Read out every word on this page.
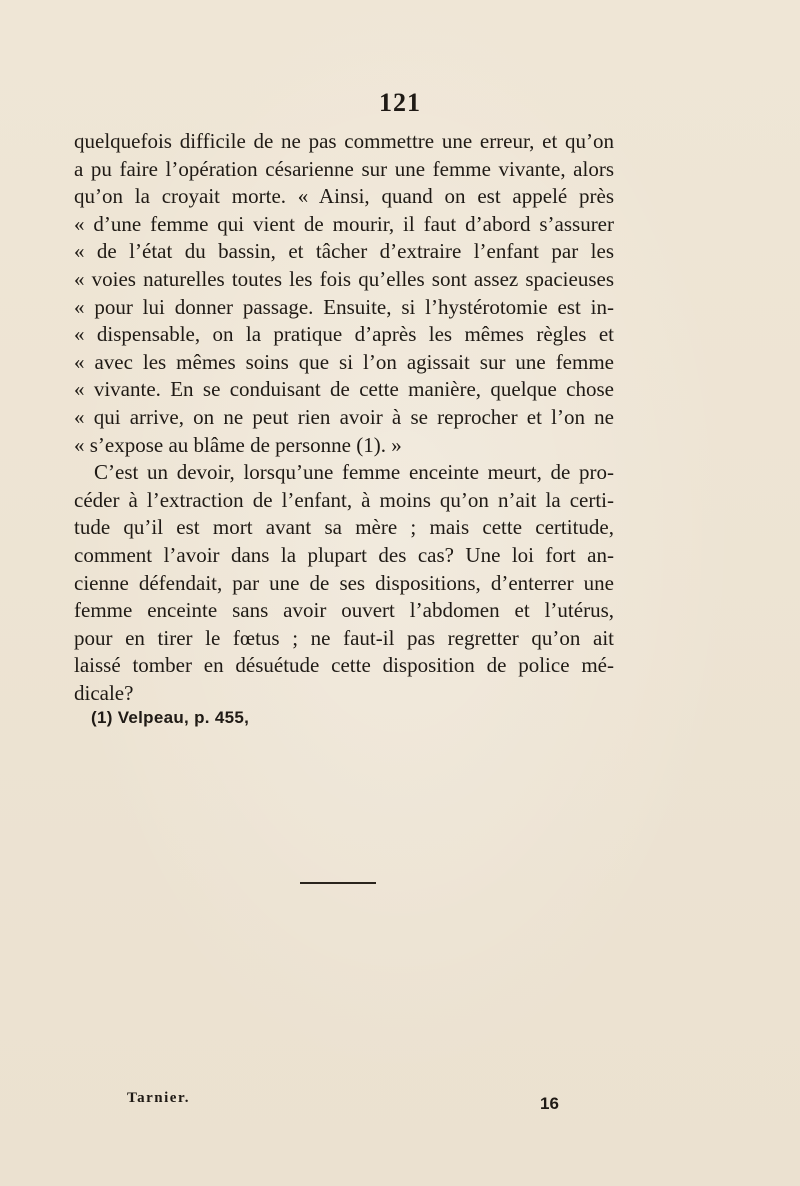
121
quelquefois difficile de ne pas commettre une erreur, et qu’on
a pu faire l’opération césarienne sur une femme vivante, alors
qu’on la croyait morte. « Ainsi, quand on est appelé près
« d’une femme qui vient de mourir, il faut d’abord s’assurer
« de l’état du bassin, et tâcher d’extraire l’enfant par les
« voies naturelles toutes les fois qu’elles sont assez spacieuses
« pour lui donner passage. Ensuite, si l’hystérotomie est in-
« dispensable, on la pratique d’après les mêmes règles et
« avec les mêmes soins que si l’on agissait sur une femme
« vivante. En se conduisant de cette manière, quelque chose
« qui arrive, on ne peut rien avoir à se reprocher et l’on ne
« s’expose au blâme de personne (1). »
C’est un devoir, lorsqu’une femme enceinte meurt, de pro-
céder à l’extraction de l’enfant, à moins qu’on n’ait la certi-
tude qu’il est mort avant sa mère ; mais cette certitude,
comment l’avoir dans la plupart des cas? Une loi fort an-
cienne défendait, par une de ses dispositions, d’enterrer une
femme enceinte sans avoir ouvert l’abdomen et l’utérus,
pour en tirer le fœtus ; ne faut-il pas regretter qu’on ait
laissé tomber en désuétude cette disposition de police mé-
dicale?
(1) Velpeau, p. 455,
Tarnier.	16
